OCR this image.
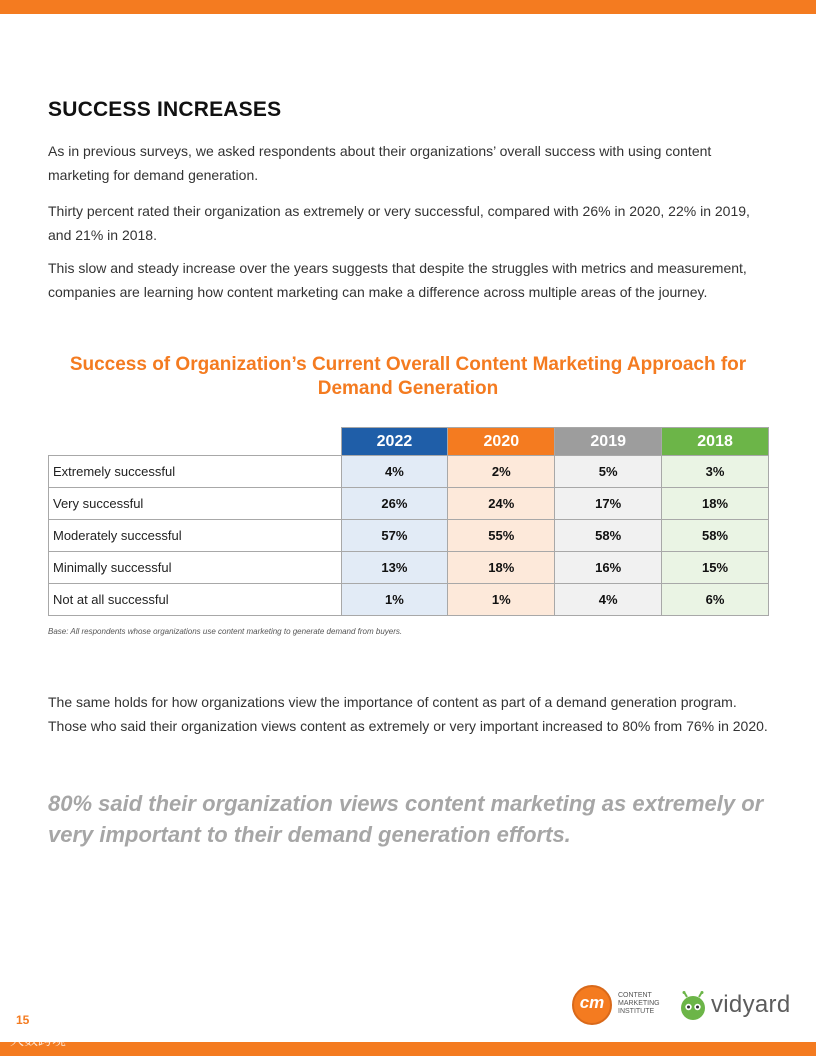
SUCCESS INCREASES

As in previous surveys, we asked respondents about their organizations’ overall success with using content marketing for demand generation.

Thirty percent rated their organization as extremely or very successful, compared with 26% in 2020, 22% in 2019, and 21% in 2018.

This slow and steady increase over the years suggests that despite the struggles with metrics and measurement, companies are learning how content marketing can make a difference across multiple areas of the journey.

Success of Organization’s Current Overall Content Marketing Approach for Demand Generation
	2022	2020	2019	2018
Extremely successful	4%	2%	5%	3%
Very successful	26%	24%	17%	18%
Moderately successful	57%	55%	58%	58%
Minimally successful	13%	18%	16%	15%
Not at all successful	1%	1%	4%	6%

Base: All respondents whose organizations use content marketing to generate demand from buyers.

The same holds for how organizations view the importance of content as part of a demand generation program. Those who said their organization views content as extremely or very important increased to 80% from 76% in 2020.

80% said their organization views content marketing as extremely or very important to their demand generation efforts.

15
cm	CONTENT
MARKETING
INSTITUTE vidyard
大数跨境
